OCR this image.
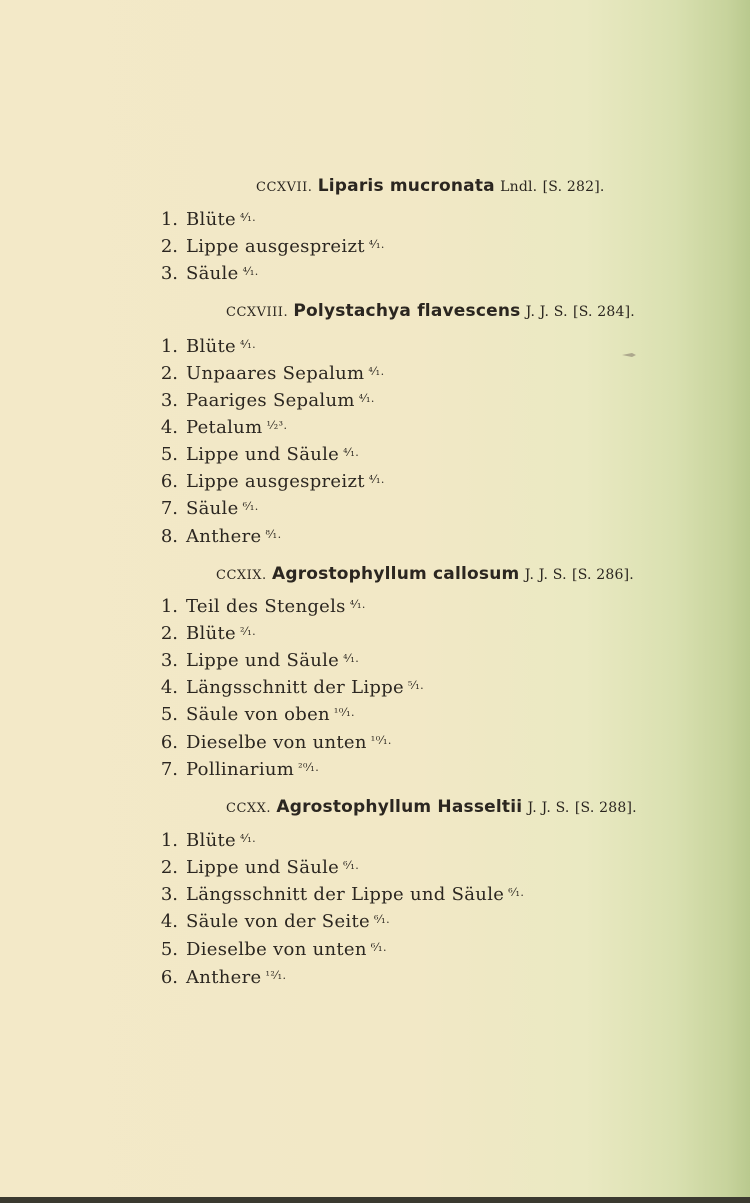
CCXVII. Liparis mucronata Lndl. [S. 282].
1. Blüte $^{^4⁄_1.}$
2. Lippe ausgespreizt $^{^4⁄_1.}$
3. Säule $^{^4⁄_1.}$
CCXVIII. Polystachya flavescens J. J. S. [S. 284].
1. Blüte $^{^4⁄_1.}$
2. Unpaares Sepalum $^{^4⁄_1.}$
3. Paariges Sepalum $^{^4⁄_1.}$
4. Petalum $^{^1⁄_2^3.}$
5. Lippe und Säule $^{^4⁄_1.}$
6. Lippe ausgespreizt $^{^4⁄_1.}$
7. Säule $^{^6⁄_1.}$
8. Anthere $^{^8⁄_1.}$
CCXIX. Agrostophyllum callosum J. J. S. [S. 286].
1. Teil des Stengels $^{^4⁄_1.}$
2. Blüte $^{^2⁄_1.}$
3. Lippe und Säule $^{^4⁄_1.}$
4. Längsschnitt der Lippe $^{^5⁄_1.}$
5. Säule von oben $^{^{10}⁄_1.}$
6. Dieselbe von unten $^{^{10}⁄_1.}$
7. Pollinarium $^{^{20}⁄_1.}$
CCXX. Agrostophyllum Hasseltii J. J. S. [S. 288].
1. Blüte $^{^4⁄_1.}$
2. Lippe und Säule $^{^6⁄_1.}$
3. Längsschnitt der Lippe und Säule $^{^6⁄_1.}$
4. Säule von der Seite $^{^6⁄_1.}$
5. Dieselbe von unten $^{^6⁄_1.}$
6. Anthere $^{^{12}⁄_1.}$
